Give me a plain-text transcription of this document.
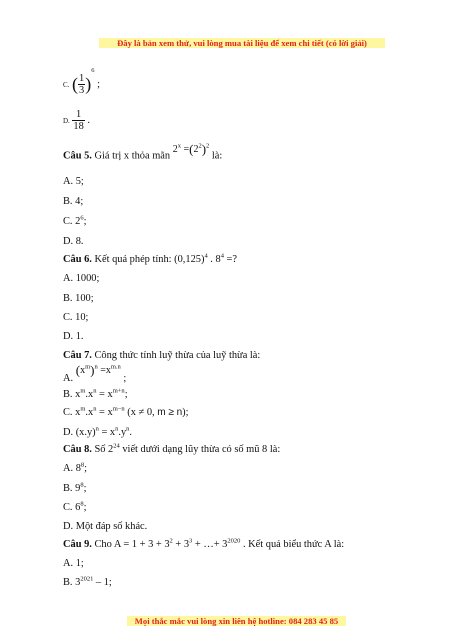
Đây là bản xem thử, vui lòng mua tài liệu để xem chi tiết (có lời giải)
C. ( $\frac{1}{3} )^6$ ;
D. $\frac{1}{18}$ .
Câu 5. Giá trị x thỏa mãn $2^x =(2^2)^2$ là:
A. 5;
B. 4;
C. $2^6$;
D. 8.
Câu 6. Kết quả phép tính: $(0,125)^4$ . $8^4$ =?
A. 1000;
B. 100;
C. 10;
D. 1.
Câu 7. Công thức tính luỹ thừa của luỹ thừa là:
A. $(x^m)^n =x^{m.n}$ ;
B. $x^m.x^n = x^{m+n}$;
C. $x^m.x^n = x^{m-n}$ (x ≠ 0, m ≥ n);
D. $(x.y)^n = x^n.y^n$.
Câu 8. Số $2^{24}$ viết dưới dạng lũy thừa có số mũ 8 là:
A. $8^8$;
B. $9^8$;
C. $6^8$;
D. Một đáp số khác.
Câu 9. Cho $A = 1 + 3 + 3^2 + 3^3$ + …+ $3^{2020}$ . Kết quả biểu thức A là:
A. 1;
B. $3^{2021} - 1$;
Mọi thắc mắc vui lòng xin liên hệ hotline: 084 283 45 85
